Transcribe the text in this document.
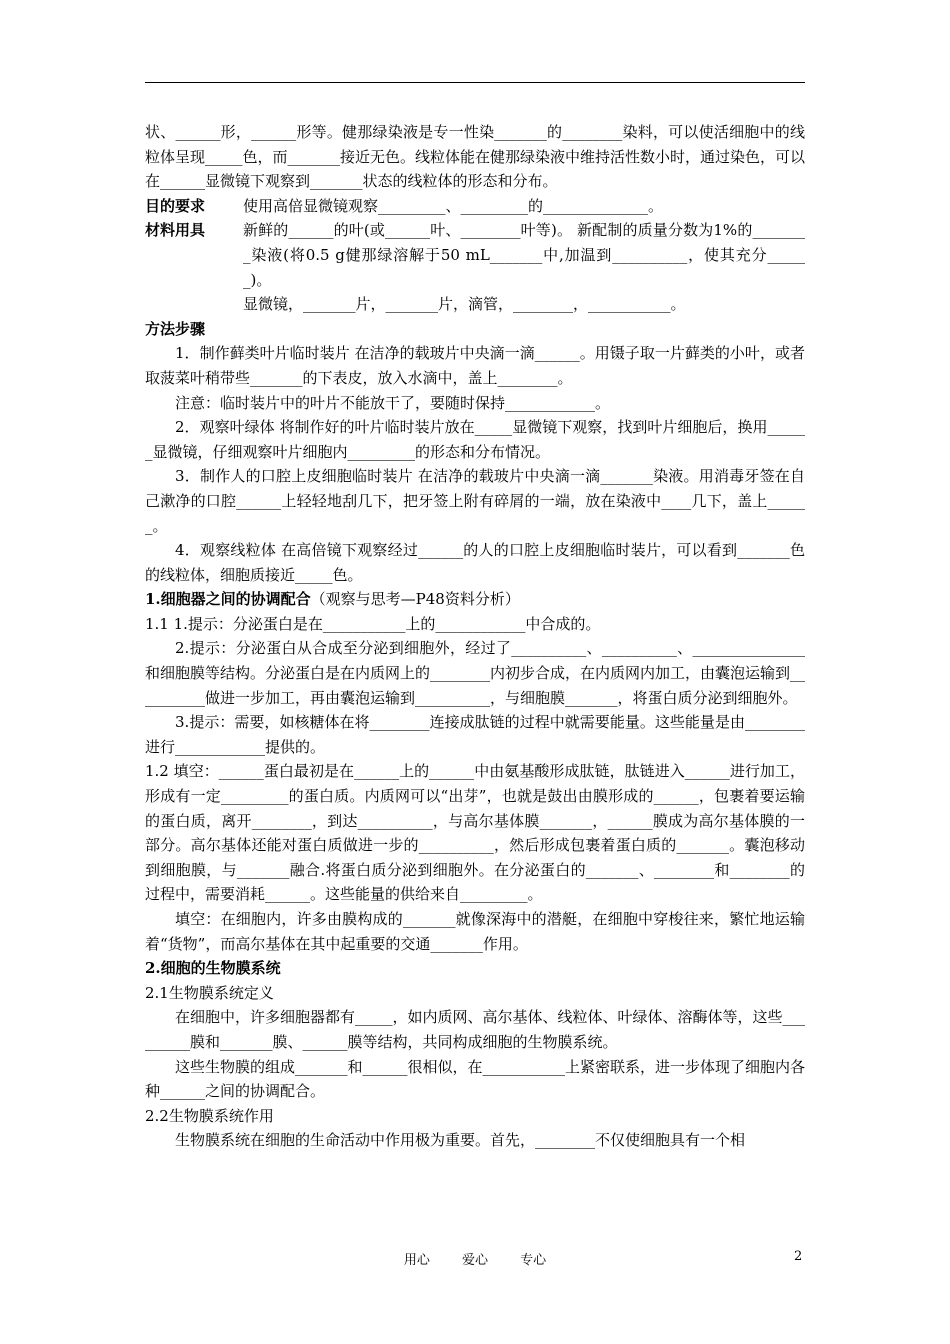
状、______形，______形等。健那绿染液是专一性染_______的________染料，可以使活细胞中的线粒体呈现_____色，而_______接近无色。线粒体能在健那绿染液中维持活性数小时，通过染色，可以在______显微镜下观察到_______状态的线粒体的形态和分布。

目的要求	使用高倍显微镜观察_________、_________的______________。
材料用具	新鲜的______的叶(或______叶、________叶等)。 新配制的质量分数为1%的________染液(将0.5 g健那绿溶解于50 mL_______中,加温到__________，使其充分______)。

显微镜，_______片，_______片，滴管，________，___________。

方法步骤

1．制作藓类叶片临时装片 在洁净的载玻片中央滴一滴______。用镊子取一片藓类的小叶，或者取菠菜叶稍带些_______的下表皮，放入水滴中，盖上________。

注意：临时装片中的叶片不能放干了，要随时保持____________。

2．观察叶绿体 将制作好的叶片临时装片放在_____显微镜下观察，找到叶片细胞后，换用______显微镜，仔细观察叶片细胞内_________的形态和分布情况。

3．制作人的口腔上皮细胞临时装片 在洁净的载玻片中央滴一滴_______染液。用消毒牙签在自己漱净的口腔______上轻轻地刮几下，把牙签上附有碎屑的一端，放在染液中____几下，盖上______。

4．观察线粒体 在高倍镜下观察经过______的人的口腔上皮细胞临时装片，可以看到_______色的线粒体，细胞质接近_____色。

1.细胞器之间的协调配合（观察与思考—P48资料分析）

1.1 1.提示：分泌蛋白是在___________上的____________中合成的。

2.提示：分泌蛋白从合成至分泌到细胞外，经过了__________、__________、_______________和细胞膜等结构。分泌蛋白是在内质网上的________内初步合成，在内质网内加工，由囊泡运输到__________做进一步加工，再由囊泡运输到__________，与细胞膜_______，将蛋白质分泌到细胞外。

3.提示：需要，如核糖体在将________连接成肽链的过程中就需要能量。这些能量是由________进行____________提供的。

1.2 填空：______蛋白最初是在______上的______中由氨基酸形成肽链，肽链进入______进行加工，形成有一定_________的蛋白质。内质网可以“出芽”，也就是鼓出由膜形成的______，包裹着要运输的蛋白质，离开________，到达__________，与高尔基体膜_______，______膜成为高尔基体膜的一部分。高尔基体还能对蛋白质做进一步的__________，然后形成包裹着蛋白质的_______。囊泡移动到细胞膜，与_______融合.将蛋白质分泌到细胞外。在分泌蛋白的_______、________和________的过程中，需要消耗______。这些能量的供给来自_________。

填空：在细胞内，许多由膜构成的_______就像深海中的潜艇，在细胞中穿梭往来，繁忙地运输着“货物”，而高尔基体在其中起重要的交通_______作用。

2.细胞的生物膜系统

2.1生物膜系统定义

在细胞中，许多细胞器都有_____，如内质网、高尔基体、线粒体、叶绿体、溶酶体等，这些_________膜和_______膜、______膜等结构，共同构成细胞的生物膜系统。

这些生物膜的组成_______和______很相似，在___________上紧密联系，进一步体现了细胞内各种______之间的协调配合。

2.2生物膜系统作用

生物膜系统在细胞的生命活动中作用极为重要。首先，________不仅使细胞具有一个相

用心 爱心 专心	2
